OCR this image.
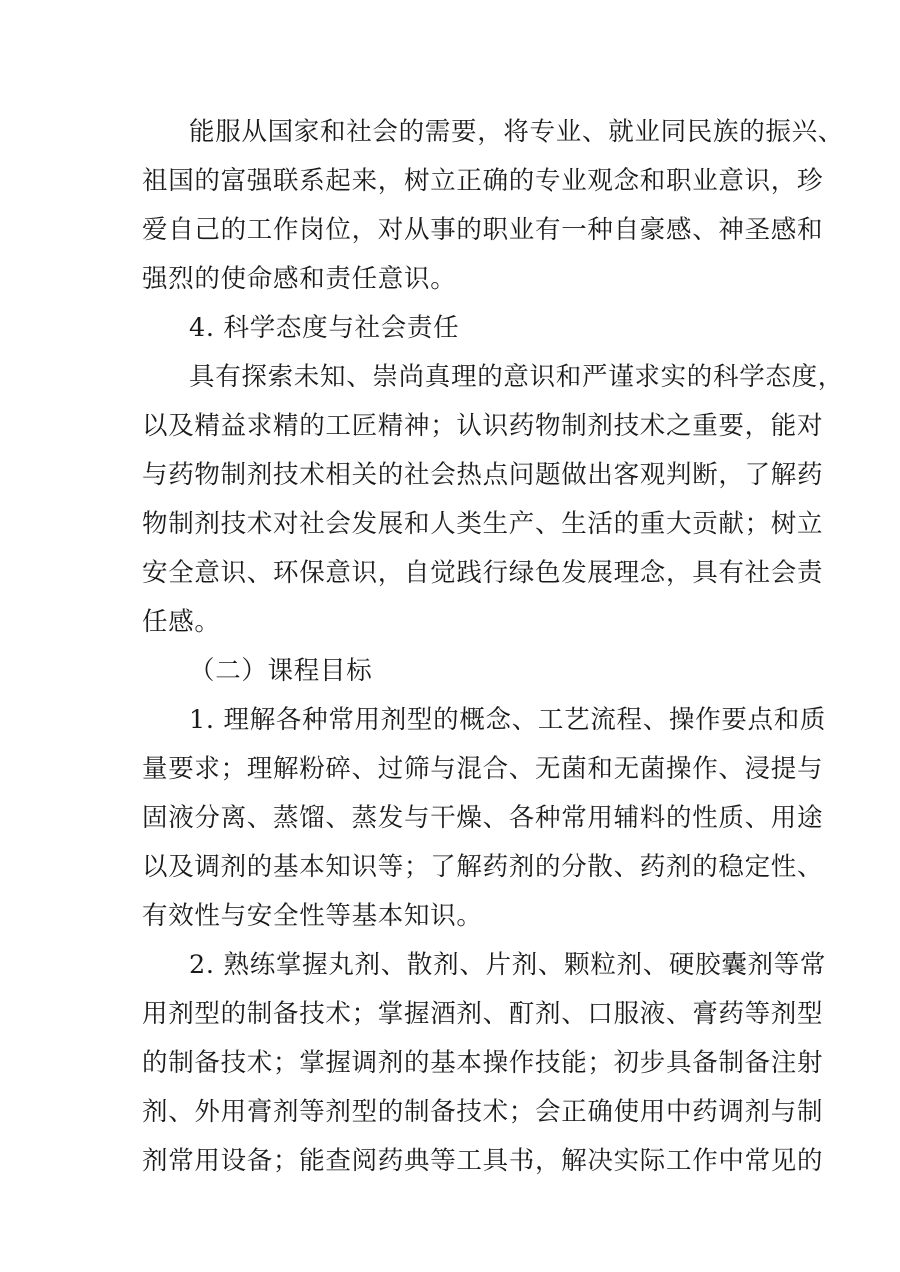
能服从国家和社会的需要，将专业、就业同民族的振兴、
祖国的富强联系起来，树立正确的专业观念和职业意识，珍
爱自己的工作岗位，对从事的职业有一种自豪感、神圣感和
强烈的使命感和责任意识。
4. 科学态度与社会责任
具有探索未知、崇尚真理的意识和严谨求实的科学态度，
以及精益求精的工匠精神；认识药物制剂技术之重要，能对
与药物制剂技术相关的社会热点问题做出客观判断，了解药
物制剂技术对社会发展和人类生产、生活的重大贡献；树立
安全意识、环保意识，自觉践行绿色发展理念，具有社会责
任感。
（二）课程目标
1. 理解各种常用剂型的概念、工艺流程、操作要点和质
量要求；理解粉碎、过筛与混合、无菌和无菌操作、浸提与
固液分离、蒸馏、蒸发与干燥、各种常用辅料的性质、用途
以及调剂的基本知识等；了解药剂的分散、药剂的稳定性、
有效性与安全性等基本知识。
2. 熟练掌握丸剂、散剂、片剂、颗粒剂、硬胶囊剂等常
用剂型的制备技术；掌握酒剂、酊剂、口服液、膏药等剂型
的制备技术；掌握调剂的基本操作技能；初步具备制备注射
剂、外用膏剂等剂型的制备技术；会正确使用中药调剂与制
剂常用设备；能查阅药典等工具书，解决实际工作中常见的
